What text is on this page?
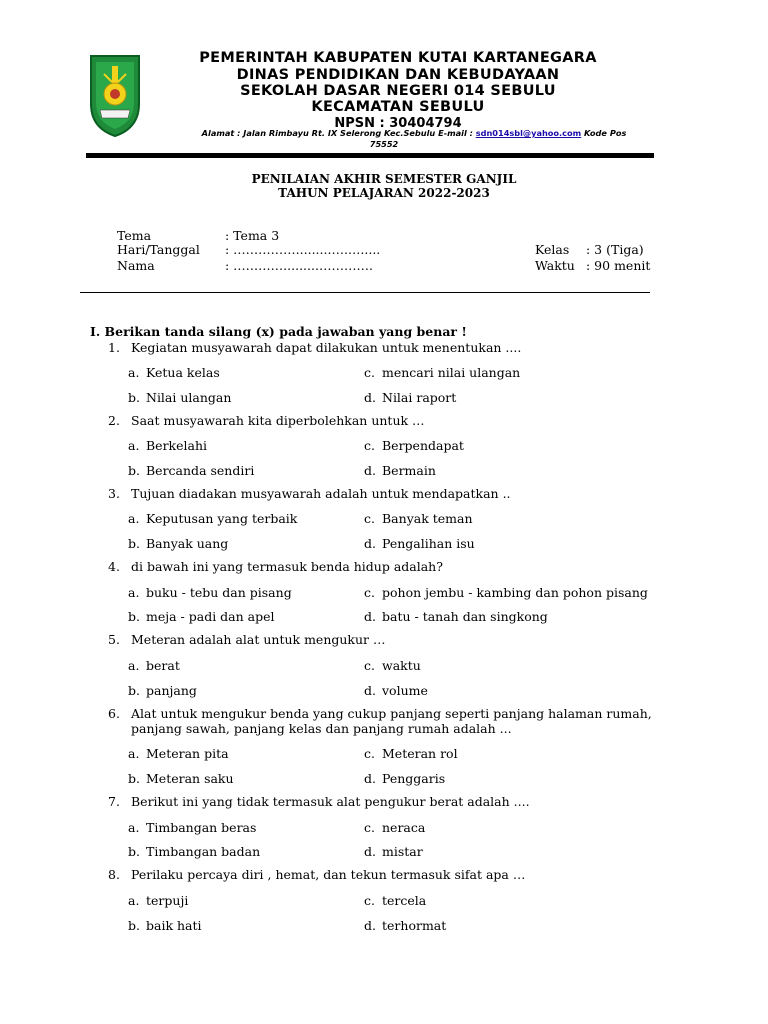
PEMERINTAH KABUPATEN KUTAI KARTANEGARA
DINAS PENDIDIKAN DAN KEBUDAYAAN
SEKOLAH DASAR NEGERI 014 SEBULU
KECAMATAN SEBULU
NPSN : 30404794
Alamat : Jalan Rimbayu Rt. IX Selerong Kec.Sebulu E-mail : sdn014sbl@yahoo.com Kode Pos
75552
PENILAIAN AKHIR SEMESTER GANJIL
TAHUN PELAJARAN 2022-2023
Tema	: Tema 3
Hari/Tanggal : …………….........….….....
Nama	: ………….........………….
Kelas : 3 (Tiga)
Waktu : 90 menit
I. Berikan tanda silang (x) pada jawaban yang benar !
1. Kegiatan musyawarah dapat dilakukan untuk menentukan ....
a. Ketua kelas	c. mencari nilai ulangan
b. Nilai ulangan	d. Nilai raport
2. Saat musyawarah kita diperbolehkan untuk …
a. Berkelahi	c. Berpendapat
b. Bercanda sendiri	d. Bermain
3. Tujuan diadakan musyawarah adalah untuk mendapatkan ..
a. Keputusan yang terbaik	c. Banyak teman
b. Banyak uang	d. Pengalihan isu
4. di bawah ini yang termasuk benda hidup adalah?
a. buku - tebu dan pisang	c. pohon jembu - kambing dan pohon pisang
b. meja - padi dan apel	d. batu - tanah dan singkong
5. Meteran adalah alat untuk mengukur …
a. berat	c. waktu
b. panjang	d. volume
6. Alat untuk mengukur benda yang cukup panjang seperti panjang halaman rumah, panjang sawah, panjang kelas dan panjang rumah adalah ...
a. Meteran pita	c. Meteran rol
b. Meteran saku	d. Penggaris
7. Berikut ini yang tidak termasuk alat pengukur berat adalah ....
a. Timbangan beras	c. neraca
b. Timbangan badan	d. mistar
8. Perilaku percaya diri , hemat, dan tekun termasuk sifat apa …
a. terpuji	c. tercela
b. baik hati	d. terhormat
